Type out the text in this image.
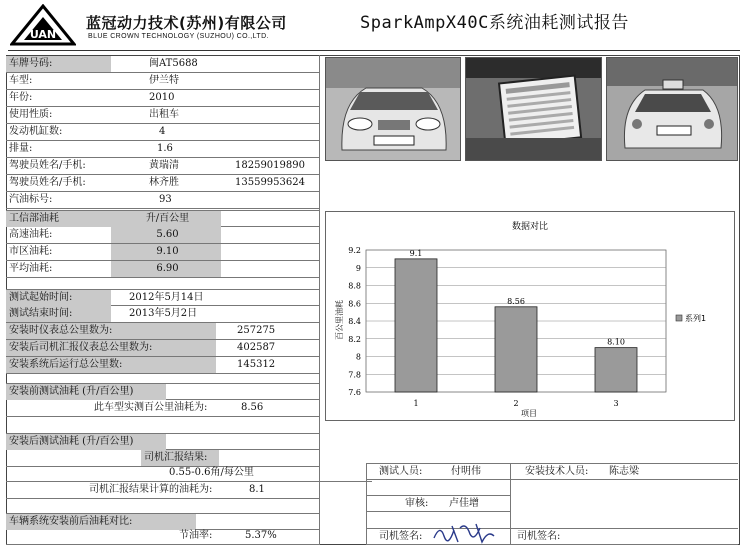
UAN
蓝冠动力技术(苏州)有限公司
BLUE CROWN TECHNOLOGY (SUZHOU) CO.,LTD.
SparkAmpX40C系统油耗测试报告
车牌号码:	闽AT5688
车型:	伊兰特
年份:	2010
使用性质:	出租车
发动机缸数:	4
排量:	1.6
驾驶员姓名/手机:	黄瑞清	18259019890
驾驶员姓名/手机:	林齐胜	13559953624
汽油标号:	93
工信部油耗	升/百公里
高速油耗:	5.60
市区油耗:	9.10
平均油耗:	6.90
测试起始时间:	2012年5月14日
测试结束时间:	2013年5月2日
安装时仪表总公里数为:	257275
安装后司机汇报仪表总公里数为:	402587
安装系统后运行总公里数:	145312
安装前测试油耗 (升/百公里)
此车型实测百公里油耗为:	8.56
安装后测试油耗 (升/百公里)
司机汇报结果:
0.55-0.6角/每公里
司机汇报结果计算的油耗为:	8.1
车辆系统安装前后油耗对比:
节油率:	5.37%
数据对比
9.2
9
8.8
8.6
8.4
8.2
8
7.8
7.6
9.1
8.56
8.10
1	2	3
百公里油耗
项目
系列1
测试人员:	付明伟	安装技术人员:	陈志梁
审核:	卢佳增
司机签名:	司机签名:
